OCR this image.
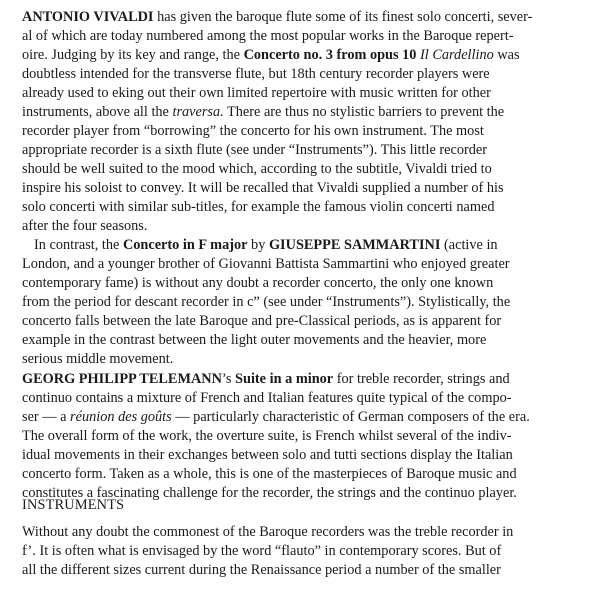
ANTONIO VIVALDI has given the baroque flute some of its finest solo concerti, sever-
al of which are today numbered among the most popular works in the Baroque repert-
oire. Judging by its key and range, the Concerto no. 3 from opus 10 Il Cardellino was
doubtless intended for the transverse flute, but 18th century recorder players were
already used to eking out their own limited repertoire with music written for other
instruments, above all the traversa. There are thus no stylistic barriers to prevent the
recorder player from “borrowing” the concerto for his own instrument. The most
appropriate recorder is a sixth flute (see under “Instruments”). This little recorder
should be well suited to the mood which, according to the subtitle, Vivaldi tried to
inspire his soloist to convey. It will be recalled that Vivaldi supplied a number of his
solo concerti with similar sub-titles, for example the famous violin concerti named
after the four seasons.
In contrast, the Concerto in F major by GIUSEPPE SAMMARTINI (active in
London, and a younger brother of Giovanni Battista Sammartini who enjoyed greater
contemporary fame) is without any doubt a recorder concerto, the only one known
from the period for descant recorder in c” (see under “Instruments”). Stylistically, the
concerto falls between the late Baroque and pre-Classical periods, as is apparent for
example in the contrast between the light outer movements and the heavier, more
serious middle movement.
GEORG PHILIPP TELEMANN’s Suite in a minor for treble recorder, strings and
continuo contains a mixture of French and Italian features quite typical of the compo-
ser — a réunion des goûts — particularly characteristic of German composers of the era.
The overall form of the work, the overture suite, is French whilst several of the indiv-
idual movements in their exchanges between solo and tutti sections display the Italian
concerto form. Taken as a whole, this is one of the masterpieces of Baroque music and
constitutes a fascinating challenge for the recorder, the strings and the continuo player.
Without any doubt the commonest of the Baroque recorders was the treble recorder in
f’. It is often what is envisaged by the word “flauto” in contemporary scores. But of
all the different sizes current during the Renaissance period a number of the smaller
INSTRUMENTS
